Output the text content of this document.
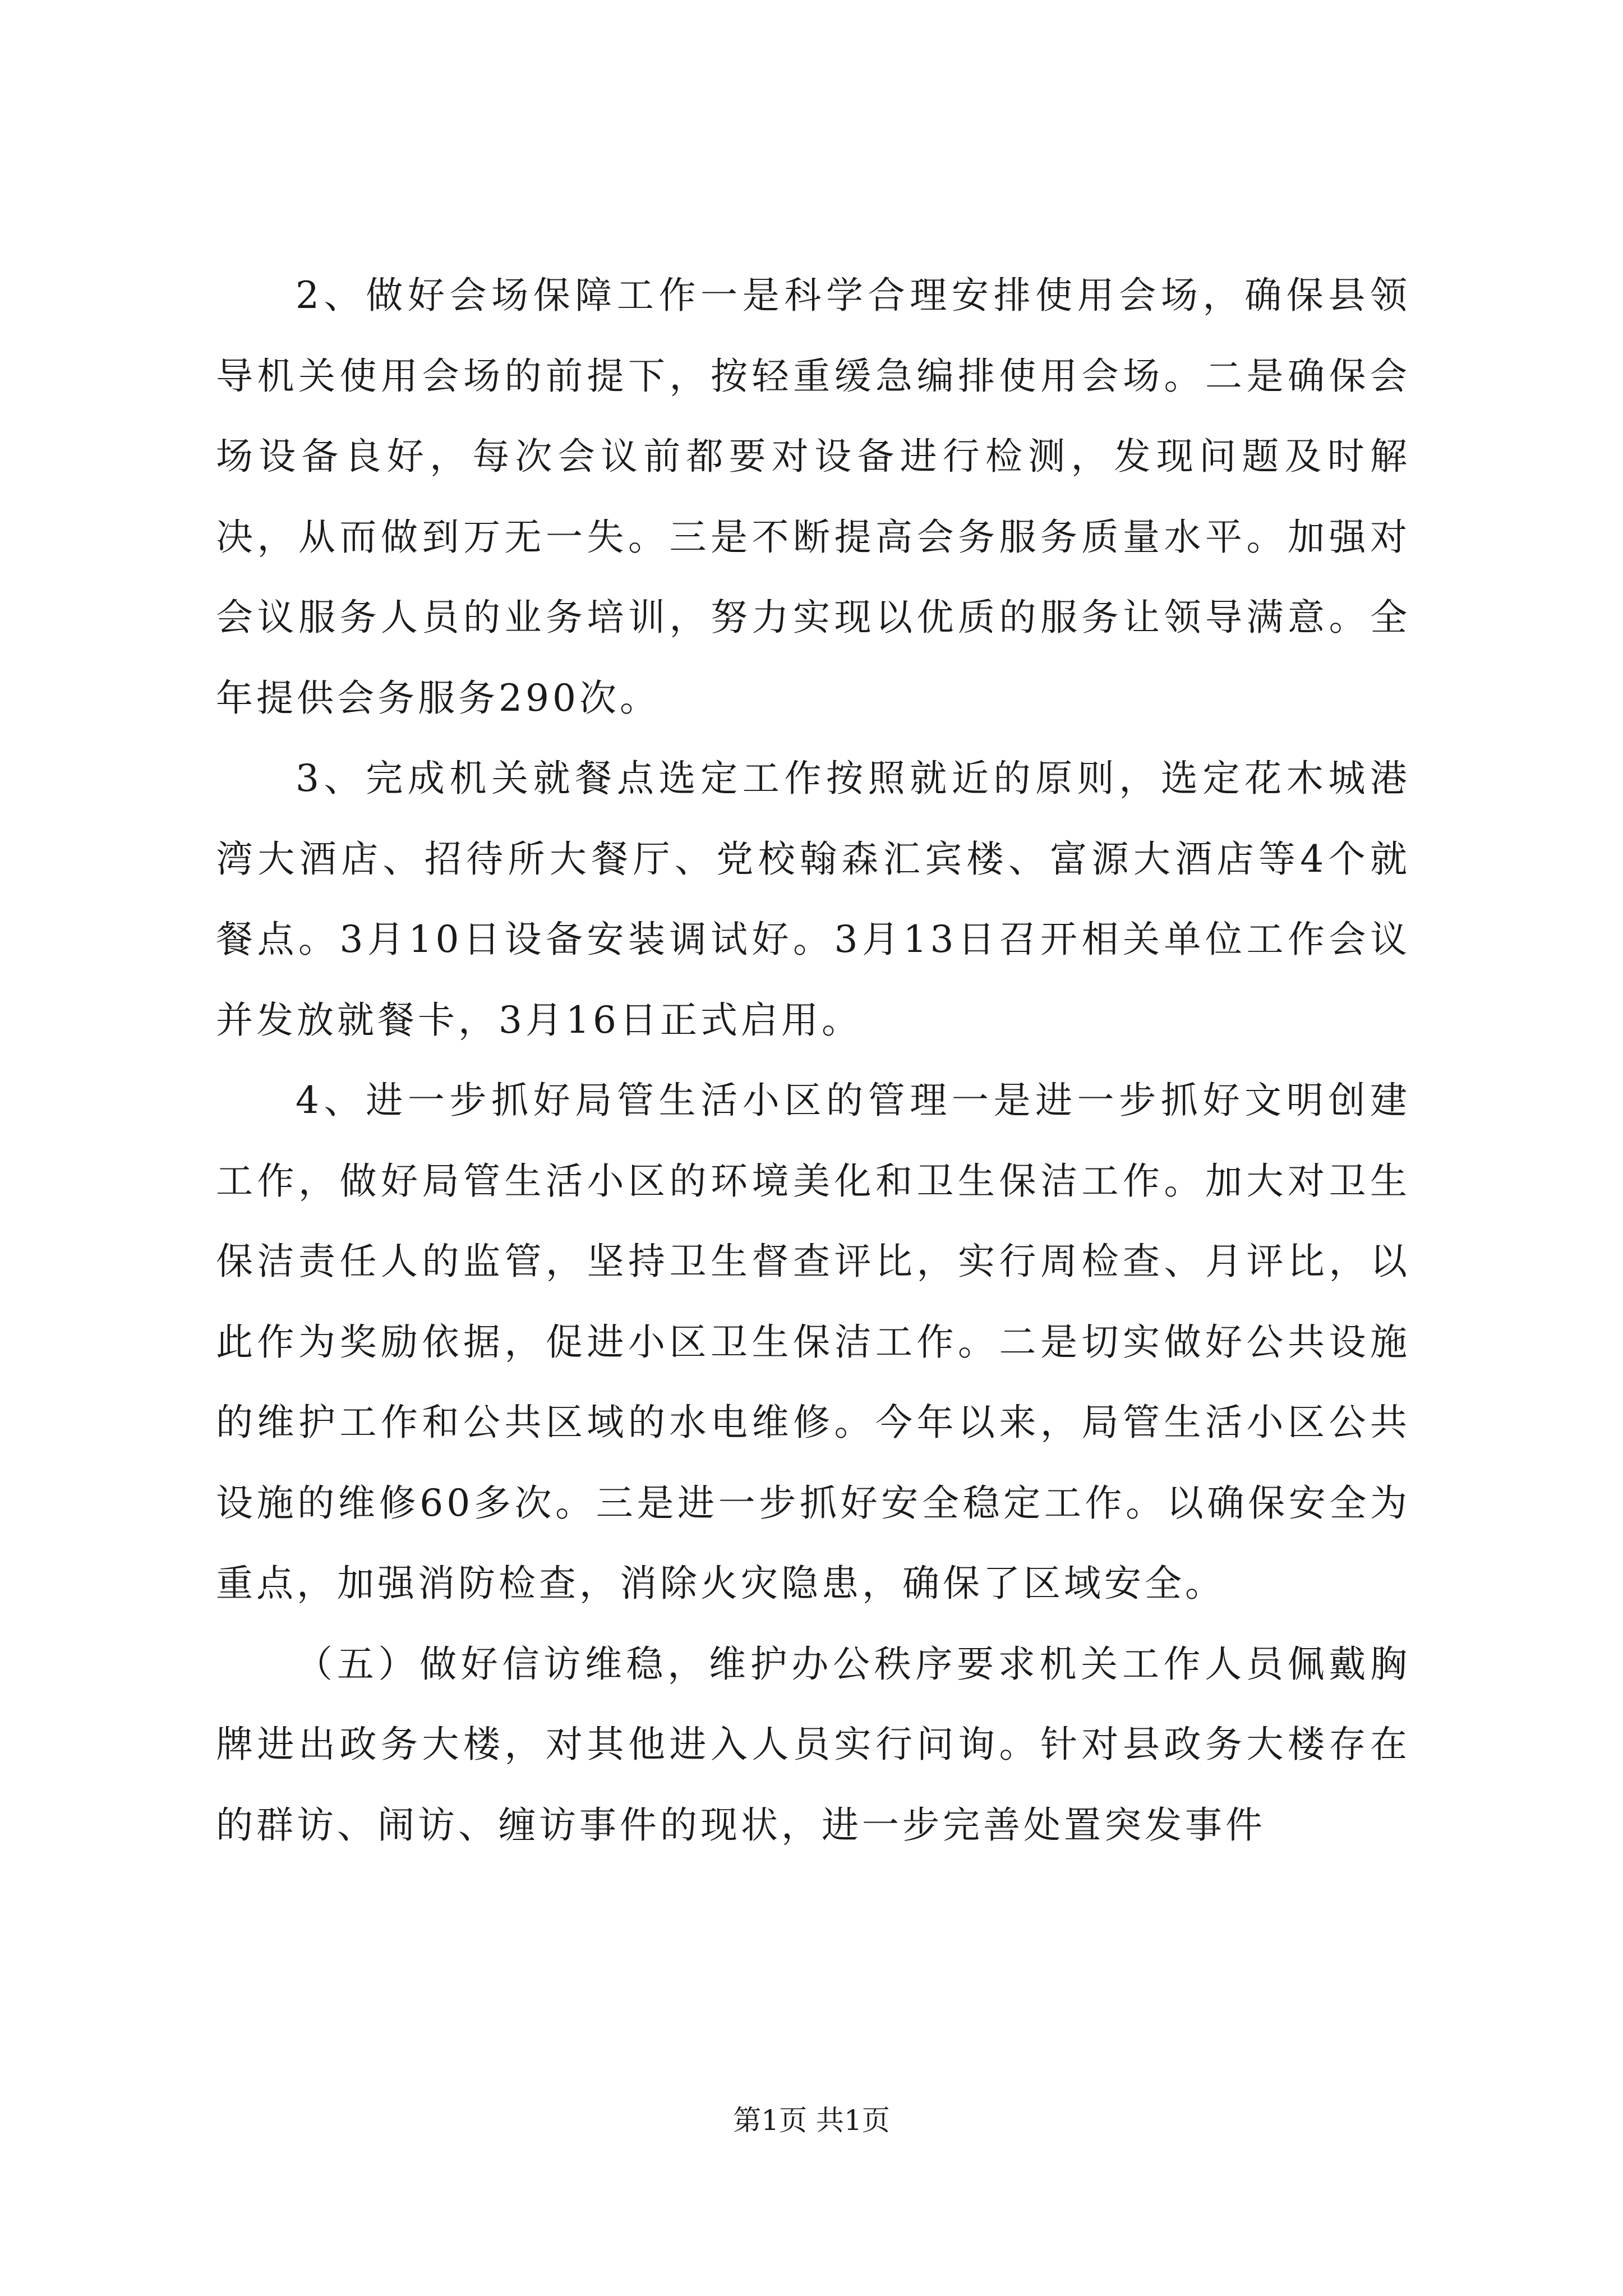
2、做好会场保障工作一是科学合理安排使用会场，确保县领导机关使用会场的前提下，按轻重缓急编排使用会场。二是确保会场设备良好，每次会议前都要对设备进行检测，发现问题及时解决，从而做到万无一失。三是不断提高会务服务质量水平。加强对会议服务人员的业务培训，努力实现以优质的服务让领导满意。全年提供会务服务290次。

3、完成机关就餐点选定工作按照就近的原则，选定花木城港湾大酒店、招待所大餐厅、党校翰森汇宾楼、富源大酒店等4个就餐点。3月10日设备安装调试好。3月13日召开相关单位工作会议并发放就餐卡，3月16日正式启用。

4、进一步抓好局管生活小区的管理一是进一步抓好文明创建工作，做好局管生活小区的环境美化和卫生保洁工作。加大对卫生保洁责任人的监管，坚持卫生督查评比，实行周检查、月评比，以此作为奖励依据，促进小区卫生保洁工作。二是切实做好公共设施的维护工作和公共区域的水电维修。今年以来，局管生活小区公共设施的维修60多次。三是进一步抓好安全稳定工作。以确保安全为重点，加强消防检查，消除火灾隐患，确保了区域安全。

（五）做好信访维稳，维护办公秩序要求机关工作人员佩戴胸牌进出政务大楼，对其他进入人员实行问询。针对县政务大楼存在的群访、闹访、缠访事件的现状，进一步完善处置突发事件

第1页 共1页
